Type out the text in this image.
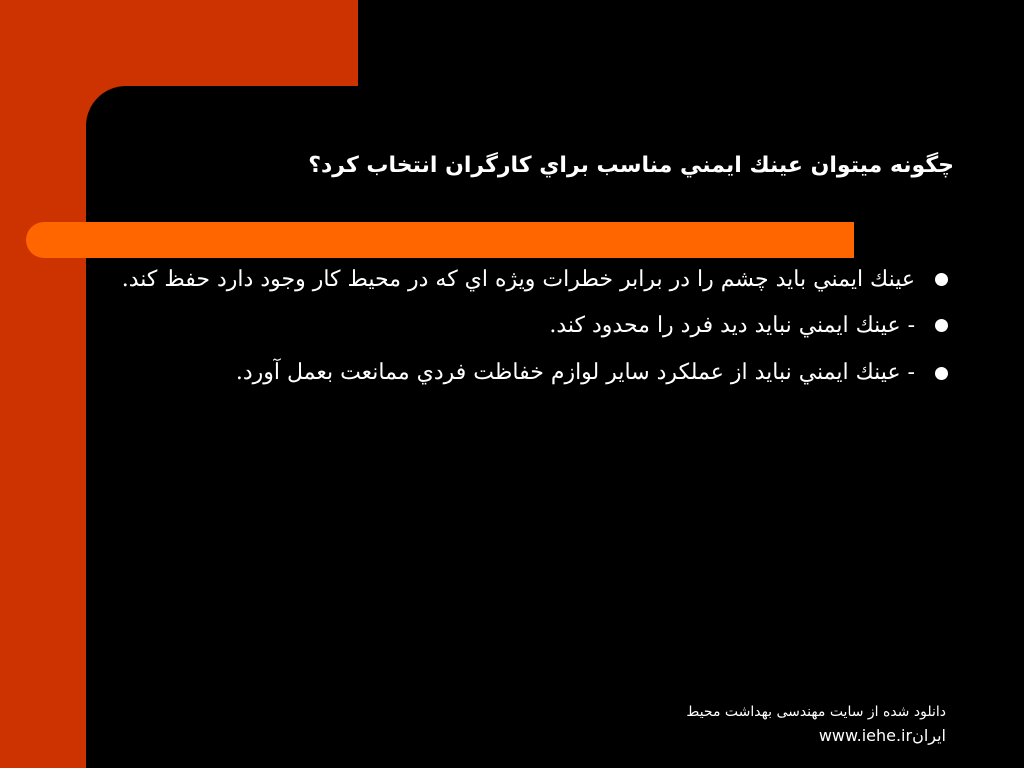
چگونه ميتوان عينك ايمني مناسب براي كارگران انتخاب كرد؟
عينك ايمني بايد چشم را در برابر خطرات ويژه اي كه در محيط كار وجود دارد حفظ كند.
- عينك ايمني نبايد ديد فرد را محدود كند.
- عينك ايمني نبايد از عملكرد ساير لوازم خفاظت فردي ممانعت بعمل آورد.
دانلود شده از سایت مهندسی بهداشت محیط
ایرانwww.iehe.ir
